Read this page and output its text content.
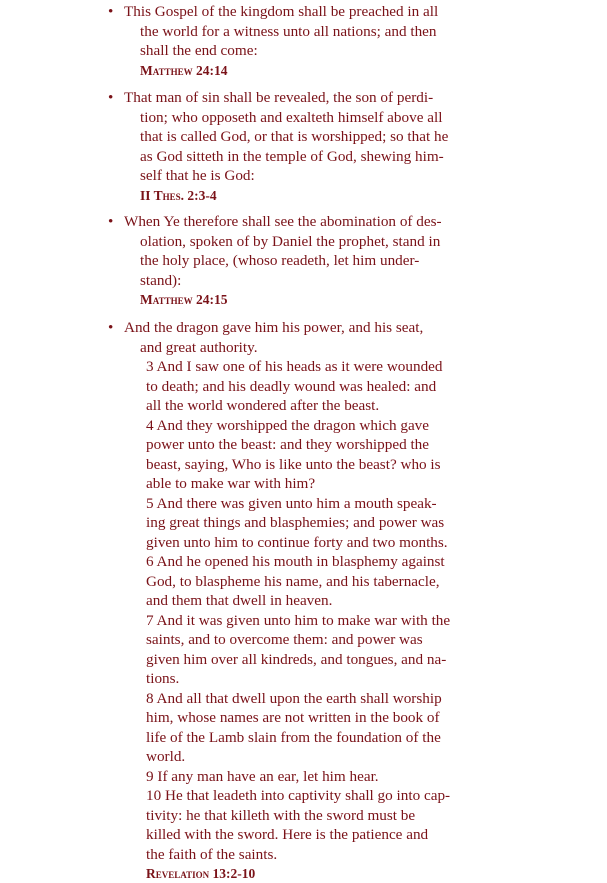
• This Gospel of the kingdom shall be preached in all
the world for a witness unto all nations; and then
shall the end come:
Matthew 24:14
• That man of sin shall be revealed, the son of perdi-
tion; who opposeth and exalteth himself above all
that is called God, or that is worshipped; so that he
as God sitteth in the temple of God, shewing him-
self that he is God:
II Thes. 2:3-4
• When Ye therefore shall see the abomination of des-
olation, spoken of by Daniel the prophet, stand in
the holy place, (whoso readeth, let him under-
stand):
Matthew 24:15
• And the dragon gave him his power, and his seat,
and great authority.
3 And I saw one of his heads as it were wounded
to death; and his deadly wound was healed: and
all the world wondered after the beast.
4 And they worshipped the dragon which gave
power unto the beast: and they worshipped the
beast, saying, Who is like unto the beast? who is
able to make war with him?
5 And there was given unto him a mouth speak-
ing great things and blasphemies; and power was
given unto him to continue forty and two months.
6 And he opened his mouth in blasphemy against
God, to blaspheme his name, and his tabernacle,
and them that dwell in heaven.
7 And it was given unto him to make war with the
saints, and to overcome them: and power was
given him over all kindreds, and tongues, and na-
tions.
8 And all that dwell upon the earth shall worship
him, whose names are not written in the book of
life of the Lamb slain from the foundation of the
world.
9 If any man have an ear, let him hear.
10 He that leadeth into captivity shall go into cap-
tivity: he that killeth with the sword must be
killed with the sword. Here is the patience and
the faith of the saints.
Revelation 13:2-10
